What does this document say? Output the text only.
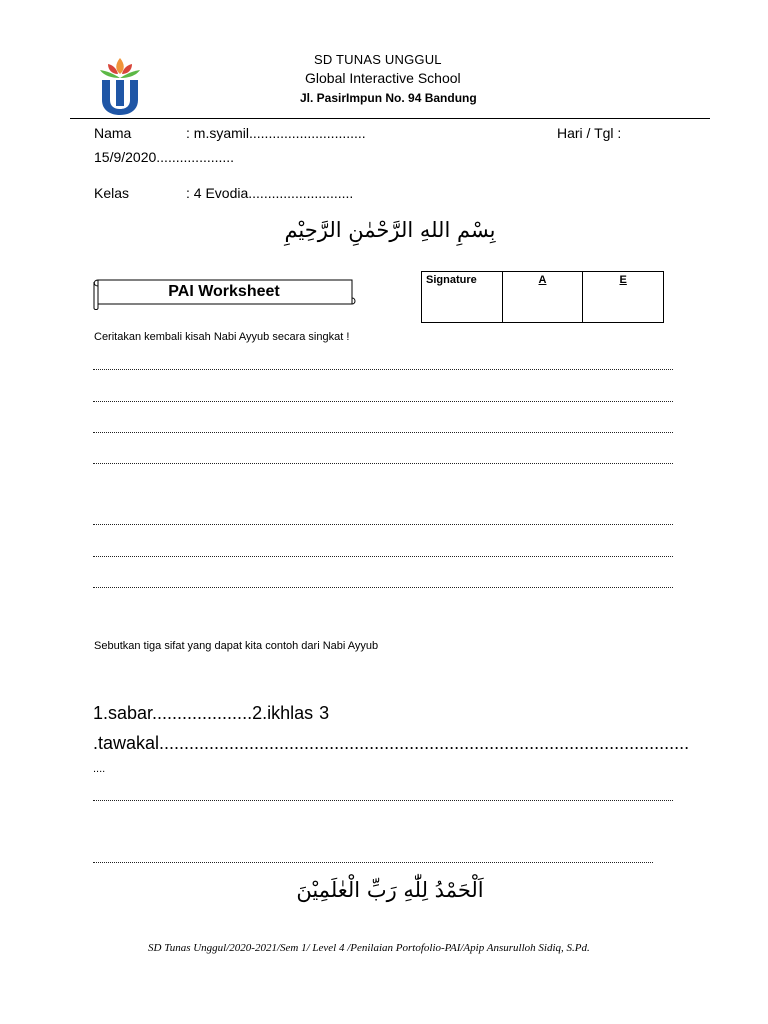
SD TUNAS UNGGUL
Global Interactive School
Jl. PasirImpun No. 94 Bandung
Nama	: m.syamil..............................	Hari / Tgl :
15/9/2020....................
Kelas	: 4 Evodia...........................
بِسْمِ اللهِ الرَّحْمٰنِ الرَّحِيْمِ
PAI Worksheet
Signature	A	E
Ceritakan kembali kisah Nabi Ayyub secara singkat !
Sebutkan tiga sifat yang dapat kita contoh dari Nabi Ayyub
1.sabar....................2.ikhlas 3
.tawakal..........................................................................................................
....
اَلْحَمْدُ لِلّٰهِ رَبِّ الْعٰلَمِيْنَ
SD Tunas Unggul/2020-2021/Sem 1/ Level 4 /Penilaian Portofolio-PAI/Apip Ansurulloh Sidiq, S.Pd.
